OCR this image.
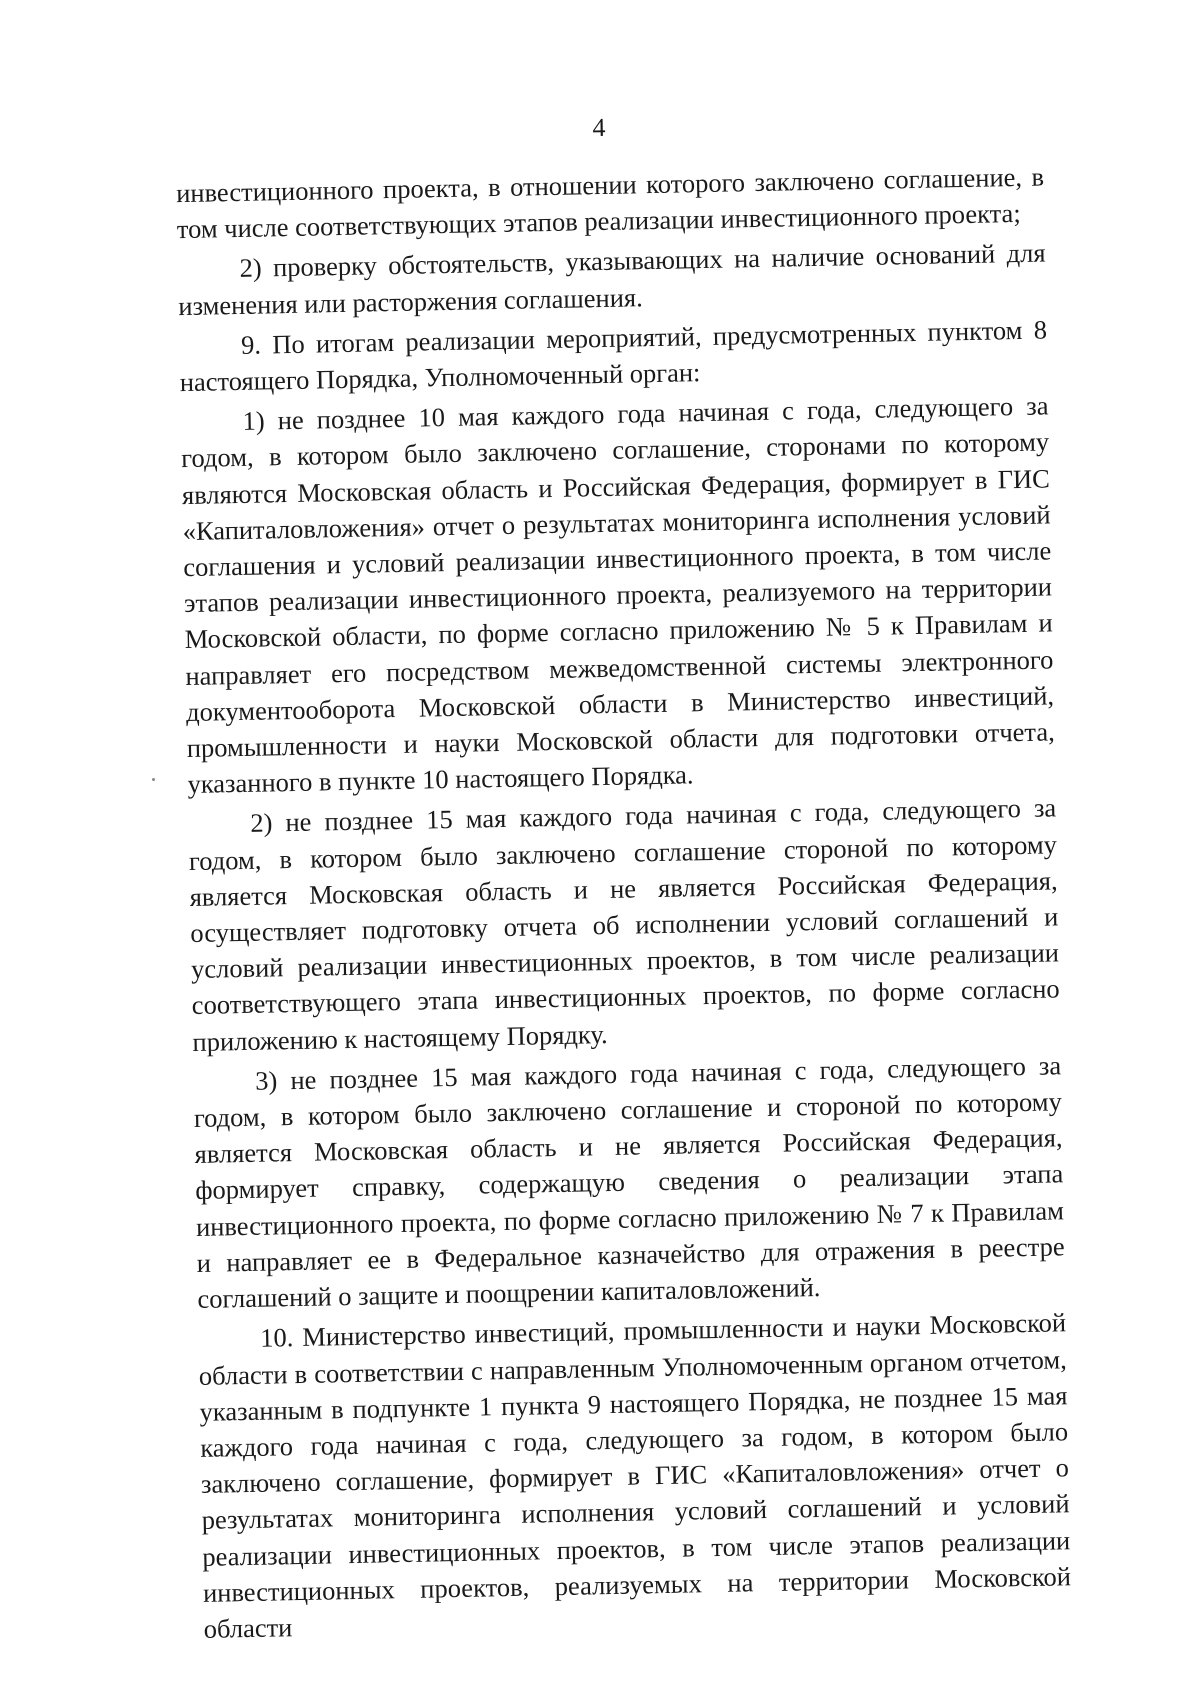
4

инвестиционного проекта, в отношении которого заключено соглашение, в том числе соответствующих этапов реализации инвестиционного проекта;

2) проверку обстоятельств, указывающих на наличие оснований для изменения или расторжения соглашения.

9. По итогам реализации мероприятий, предусмотренных пунктом 8 настоящего Порядка, Уполномоченный орган:

1) не позднее 10 мая каждого года начиная с года, следующего за годом, в котором было заключено соглашение, сторонами по которому являются Московская область и Российская Федерация, формирует в ГИС «Капиталовложения» отчет о результатах мониторинга исполнения условий соглашения и условий реализации инвестиционного проекта, в том числе этапов реализации инвестиционного проекта, реализуемого на территории Московской области, по форме согласно приложению № 5 к Правилам и направляет его посредством межведомственной системы электронного документооборота Московской области в Министерство инвестиций, промышленности и науки Московской области для подготовки отчета, указанного в пункте 10 настоящего Порядка.

2) не позднее 15 мая каждого года начиная с года, следующего за годом, в котором было заключено соглашение стороной по которому является Московская область и не является Российская Федерация, осуществляет подготовку отчета об исполнении условий соглашений и условий реализации инвестиционных проектов, в том числе реализации соответствующего этапа инвестиционных проектов, по форме согласно приложению к настоящему Порядку.

3) не позднее 15 мая каждого года начиная с года, следующего за годом, в котором было заключено соглашение и стороной по которому является Московская область и не является Российская Федерация, формирует справку, содержащую сведения о реализации этапа инвестиционного проекта, по форме согласно приложению № 7 к Правилам и направляет ее в Федеральное казначейство для отражения в реестре соглашений о защите и поощрении капиталовложений.

10. Министерство инвестиций, промышленности и науки Московской области в соответствии с направленным Уполномоченным органом отчетом, указанным в подпункте 1 пункта 9 настоящего Порядка, не позднее 15 мая каждого года начиная с года, следующего за годом, в котором было заключено соглашение, формирует в ГИС «Капиталовложения» отчет о результатах мониторинга исполнения условий соглашений и условий реализации инвестиционных проектов, в том числе этапов реализации инвестиционных проектов, реализуемых на территории Московской области
